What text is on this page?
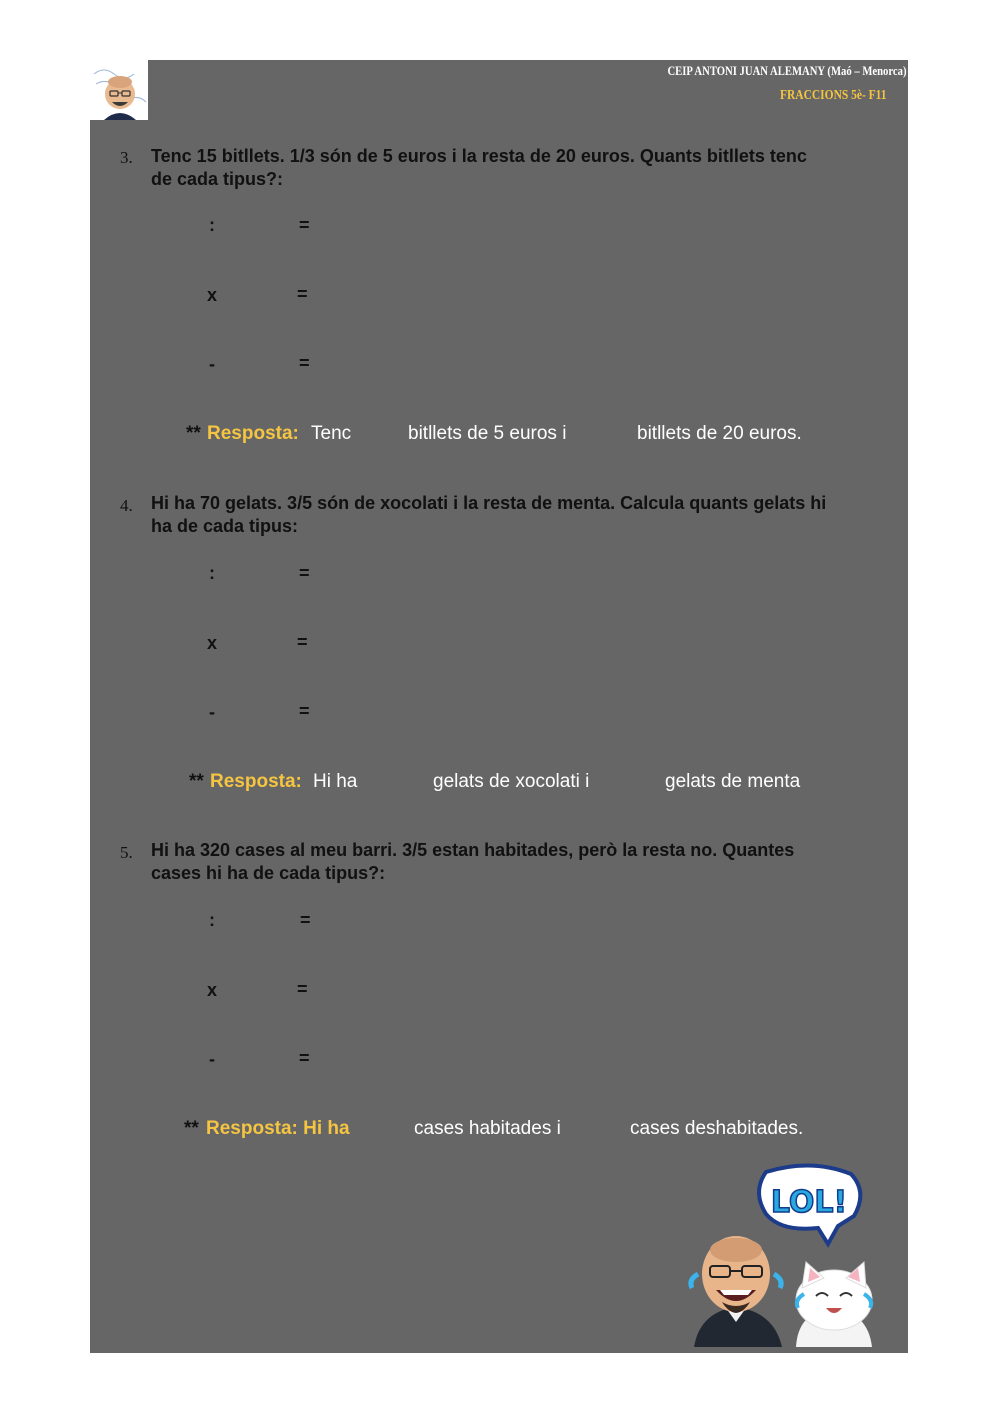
CEIP ANTONI JUAN ALEMANY (Maó – Menorca)
FRACCIONS 5è- F11
3. Tenc 15 bitllets. 1/3 són de 5 euros i la resta de 20 euros. Quants bitllets tenc
de cada tipus?:
:	=
x	=
-	=
** Resposta: Tenc	bitllets de 5 euros i	bitllets de 20 euros.
4. Hi ha 70 gelats. 3/5 són de xocolati i la resta de menta. Calcula quants gelats hi
ha de cada tipus:
:	=
x	=
-	=
** Resposta: Hi ha	gelats de xocolati i	gelats de menta
5. Hi ha 320 cases al meu barri. 3/5 estan habitades, però la resta no. Quantes
cases hi ha de cada tipus?:
:	=
x	=
-	=
** Resposta: Hi ha	cases habitades i	cases deshabitades.
LOL!
